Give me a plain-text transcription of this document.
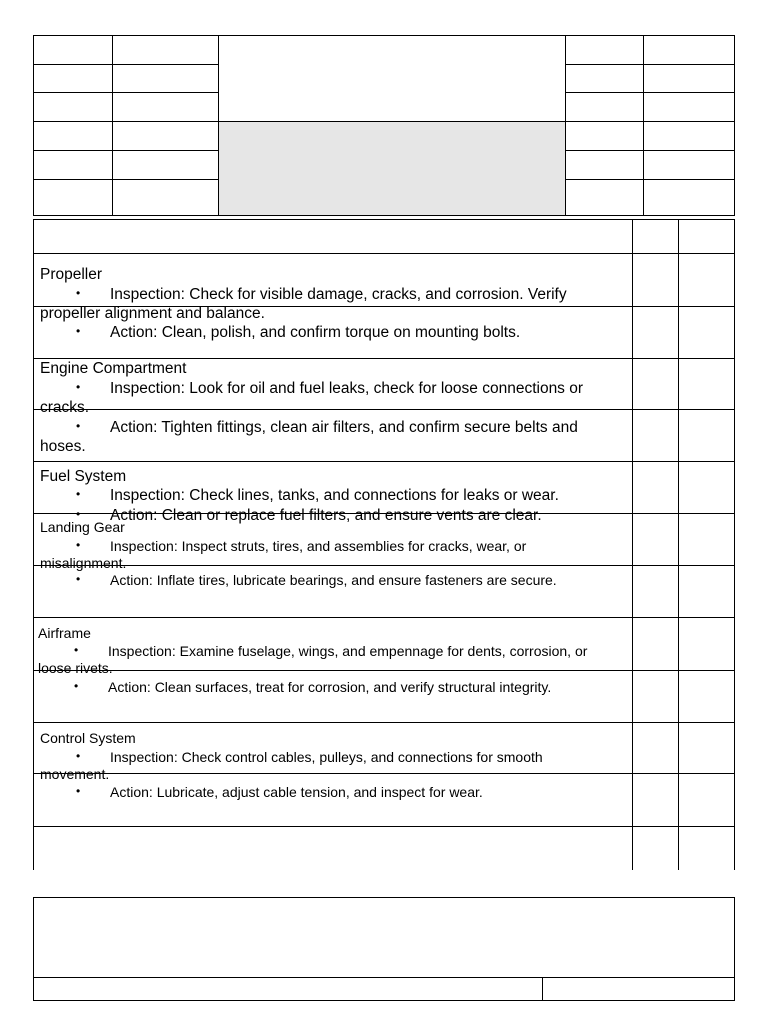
Propeller
• Inspection: Check for visible damage, cracks, and corrosion. Verify
propeller alignment and balance.
• Action: Clean, polish, and confirm torque on mounting bolts.
Engine Compartment
• Inspection: Look for oil and fuel leaks, check for loose connections or
cracks.
• Action: Tighten fittings, clean air filters, and confirm secure belts and
hoses.
Fuel System
• Inspection: Check lines, tanks, and connections for leaks or wear.
• Action: Clean or replace fuel filters, and ensure vents are clear.
Landing Gear
• Inspection: Inspect struts, tires, and assemblies for cracks, wear, or
misalignment.
• Action: Inflate tires, lubricate bearings, and ensure fasteners are secure.
Airframe
• Inspection: Examine fuselage, wings, and empennage for dents, corrosion, or
loose rivets.
• Action: Clean surfaces, treat for corrosion, and verify structural integrity.
Control System
• Inspection: Check control cables, pulleys, and connections for smooth
movement.
• Action: Lubricate, adjust cable tension, and inspect for wear.
